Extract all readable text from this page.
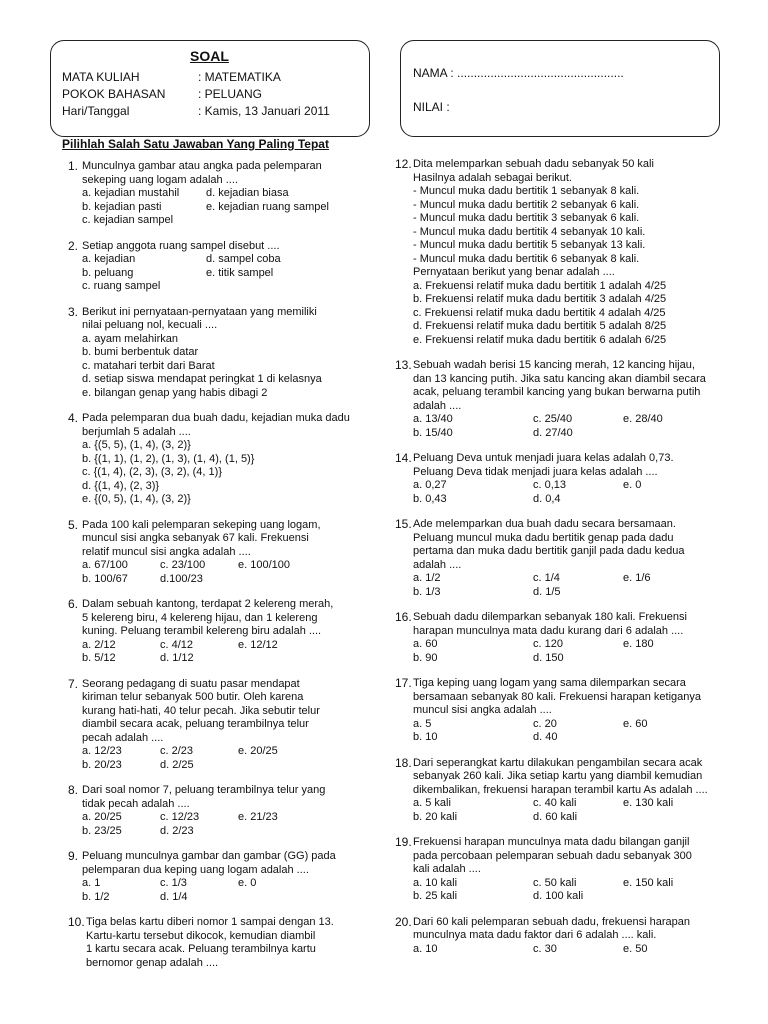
SOAL
MATA KULIAH	: MATEMATIKA
POKOK BAHASAN	: PELUANG
Hari/Tanggal	: Kamis, 13 Januari 2011
NAMA : ..................................................
NILAI :
Pilihlah Salah Satu Jawaban Yang Paling Tepat
1. Munculnya gambar atau angka pada pelemparan
sekeping uang logam adalah ....
a. kejadian mustahil	d. kejadian biasa
b. kejadian pasti	e. kejadian ruang sampel
c. kejadian sampel
2. Setiap anggota ruang sampel disebut ....
a. kejadian	d. sampel coba
b. peluang	e. titik sampel
c. ruang sampel
3. Berikut ini pernyataan-pernyataan yang memiliki
nilai peluang nol, kecuali ....
a. ayam melahirkan
b. bumi berbentuk datar
c. matahari terbit dari Barat
d. setiap siswa mendapat peringkat 1 di kelasnya
e. bilangan genap yang habis dibagi 2
4. Pada pelemparan dua buah dadu, kejadian muka dadu
berjumlah 5 adalah ....
a. {(5, 5), (1, 4), (3, 2)}
b. {(1, 1), (1, 2), (1, 3), (1, 4), (1, 5)}
c. {(1, 4), (2, 3), (3, 2), (4, 1)}
d. {(1, 4), (2, 3)}
e. {(0, 5), (1, 4), (3, 2)}
5. Pada 100 kali pelemparan sekeping uang logam,
muncul sisi angka sebanyak 67 kali. Frekuensi
relatif muncul sisi angka adalah ....
a. 67/100	c. 23/100	e. 100/100
b. 100/67	d.100/23
6. Dalam sebuah kantong, terdapat 2 kelereng merah,
5 kelereng biru, 4 kelereng hijau, dan 1 kelereng
kuning. Peluang terambil kelereng biru adalah ....
a. 2/12	c. 4/12	e. 12/12
b. 5/12	d. 1/12
7. Seorang pedagang di suatu pasar mendapat
kiriman telur sebanyak 500 butir. Oleh karena
kurang hati-hati, 40 telur pecah. Jika sebutir telur
diambil secara acak, peluang terambilnya telur
pecah adalah ....
a. 12/23	c. 2/23	e. 20/25
b. 20/23	d. 2/25
8. Dari soal nomor 7, peluang terambilnya telur yang
tidak pecah adalah ....
a. 20/25	c. 12/23	e. 21/23
b. 23/25	d. 2/23
9. Peluang munculnya gambar dan gambar (GG) pada
pelemparan dua keping uang logam adalah ....
a. 1	c. 1/3	e. 0
b. 1/2	d. 1/4
10. Tiga belas kartu diberi nomor 1 sampai dengan 13.
Kartu-kartu tersebut dikocok, kemudian diambil
1 kartu secara acak. Peluang terambilnya kartu
bernomor genap adalah ....
12. Dita melemparkan sebuah dadu sebanyak 50 kali
Hasilnya adalah sebagai berikut.
- Muncul muka dadu bertitik 1 sebanyak 8 kali.
- Muncul muka dadu bertitik 2 sebanyak 6 kali.
- Muncul muka dadu bertitik 3 sebanyak 6 kali.
- Muncul muka dadu bertitik 4 sebanyak 10 kali.
- Muncul muka dadu bertitik 5 sebanyak 13 kali.
- Muncul muka dadu bertitik 6 sebanyak 8 kali.
Pernyataan berikut yang benar adalah ....
a. Frekuensi relatif muka dadu bertitik 1 adalah 4/25
b. Frekuensi relatif muka dadu bertitik 3 adalah 4/25
c. Frekuensi relatif muka dadu bertitik 4 adalah 4/25
d. Frekuensi relatif muka dadu bertitik 5 adalah 8/25
e. Frekuensi relatif muka dadu bertitik 6 adalah 6/25
13. Sebuah wadah berisi 15 kancing merah, 12 kancing hijau,
dan 13 kancing putih. Jika satu kancing akan diambil secara
acak, peluang terambil kancing yang bukan berwarna putih
adalah ....
a. 13/40	c. 25/40	e. 28/40
b. 15/40	d. 27/40
14. Peluang Deva untuk menjadi juara kelas adalah 0,73.
Peluang Deva tidak menjadi juara kelas adalah ....
a. 0,27	c. 0,13	e. 0
b. 0,43	d. 0,4
15. Ade melemparkan dua buah dadu secara bersamaan.
Peluang muncul muka dadu bertitik genap pada dadu
pertama dan muka dadu bertitik ganjil pada dadu kedua
adalah ....
a. 1/2	c. 1/4	e. 1/6
b. 1/3	d. 1/5
16. Sebuah dadu dilemparkan sebanyak 180 kali. Frekuensi
harapan munculnya mata dadu kurang dari 6 adalah ....
a. 60	c. 120	e. 180
b. 90	d. 150
17. Tiga keping uang logam yang sama dilemparkan secara
bersamaan sebanyak 80 kali. Frekuensi harapan ketiganya
muncul sisi angka adalah ....
a. 5	c. 20	e. 60
b. 10	d. 40
18. Dari seperangkat kartu dilakukan pengambilan secara acak
sebanyak 260 kali. Jika setiap kartu yang diambil kemudian
dikembalikan, frekuensi harapan terambil kartu As adalah ....
a. 5 kali	c. 40 kali	e. 130 kali
b. 20 kali	d. 60 kali
19. Frekuensi harapan munculnya mata dadu bilangan ganjil
pada percobaan pelemparan sebuah dadu sebanyak 300
kali adalah ....
a. 10 kali	c. 50 kali	e. 150 kali
b. 25 kali	d. 100 kali
20. Dari 60 kali pelemparan sebuah dadu, frekuensi harapan
munculnya mata dadu faktor dari 6 adalah .... kali.
a. 10	c. 30	e. 50
